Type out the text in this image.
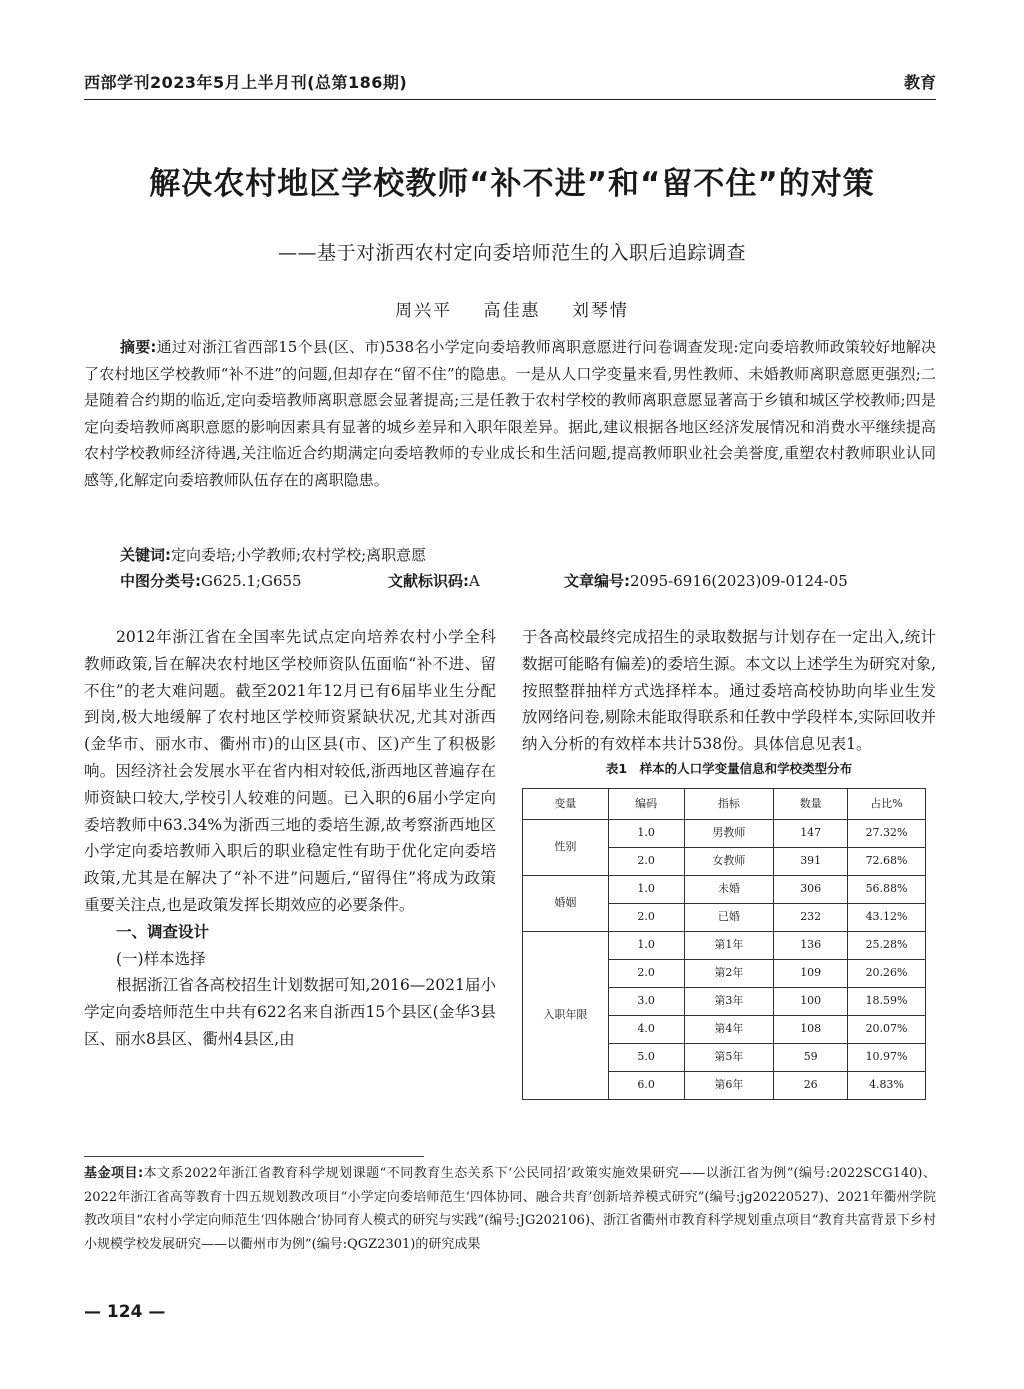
西部学刊2023年5月上半月刊(总第186期)	教育
解决农村地区学校教师“补不进”和“留不住”的对策
——基于对浙西农村定向委培师范生的入职后追踪调查
周兴平 高佳惠 刘琴情
摘要:通过对浙江省西部15个县(区、市)538名小学定向委培教师离职意愿进行问卷调查发现:定向委培教师政策较好地解决了农村地区学校教师“补不进”的问题,但却存在“留不住”的隐患。一是从人口学变量来看,男性教师、未婚教师离职意愿更强烈;二是随着合约期的临近,定向委培教师离职意愿会显著提高;三是任教于农村学校的教师离职意愿显著高于乡镇和城区学校教师;四是定向委培教师离职意愿的影响因素具有显著的城乡差异和入职年限差异。据此,建议根据各地区经济发展情况和消费水平继续提高农村学校教师经济待遇,关注临近合约期满定向委培教师的专业成长和生活问题,提高教师职业社会美誉度,重塑农村教师职业认同感等,化解定向委培教师队伍存在的离职隐患。
关键词:定向委培;小学教师;农村学校;离职意愿
中图分类号:G625.1;G655	文献标识码:A	文章编号:2095-6916(2023)09-0124-05

2012年浙江省在全国率先试点定向培养农村小学全科教师政策,旨在解决农村地区学校师资队伍面临“补不进、留不住”的老大难问题。截至2021年12月已有6届毕业生分配到岗,极大地缓解了农村地区学校师资紧缺状况,尤其对浙西(金华市、丽水市、衢州市)的山区县(市、区)产生了积极影响。因经济社会发展水平在省内相对较低,浙西地区普遍存在师资缺口较大,学校引人较难的问题。已入职的6届小学定向委培教师中63.34%为浙西三地的委培生源,故考察浙西地区小学定向委培教师入职后的职业稳定性有助于优化定向委培政策,尤其是在解决了“补不进”问题后,“留得住”将成为政策重要关注点,也是政策发挥长期效应的必要条件。

一、调查设计

(一)样本选择

根据浙江省各高校招生计划数据可知,2016—2021届小学定向委培师范生中共有622名来自浙西15个县区(金华3县区、丽水8县区、衢州4县区,由

于各高校最终完成招生的录取数据与计划存在一定出入,统计数据可能略有偏差)的委培生源。本文以上述学生为研究对象,按照整群抽样方式选择样本。通过委培高校协助向毕业生发放网络问卷,剔除未能取得联系和任教中学段样本,实际回收并纳入分析的有效样本共计538份。具体信息见表1。

表1　样本的人口学变量信息和学校类型分布
变量	编码	指标	数量	占比%
性别	1.0	男教师	147	27.32%
	2.0	女教师	391	72.68%
婚姻	1.0	未婚	306	56.88%
	2.0	已婚	232	43.12%
入职年限	1.0	第1年	136	25.28%
	2.0	第2年	109	20.26%
	3.0	第3年	100	18.59%
	4.0	第4年	108	20.07%
	5.0	第5年	59	10.97%
	6.0	第6年	26	4.83%
基金项目:本文系2022年浙江省教育科学规划课题“不同教育生态关系下‘公民同招’政策实施效果研究——以浙江省为例”(编号:2022SCG140)、2022年浙江省高等教育十四五规划教改项目“小学定向委培师范生‘四体协同、融合共育’创新培养模式研究”(编号:jg20220527)、2021年衢州学院教改项目“农村小学定向师范生‘四体融合’协同育人模式的研究与实践”(编号:JG202106)、浙江省衢州市教育科学规划重点项目“教育共富背景下乡村小规模学校发展研究——以衢州市为例”(编号:QGZ2301)的研究成果
— 124 —
